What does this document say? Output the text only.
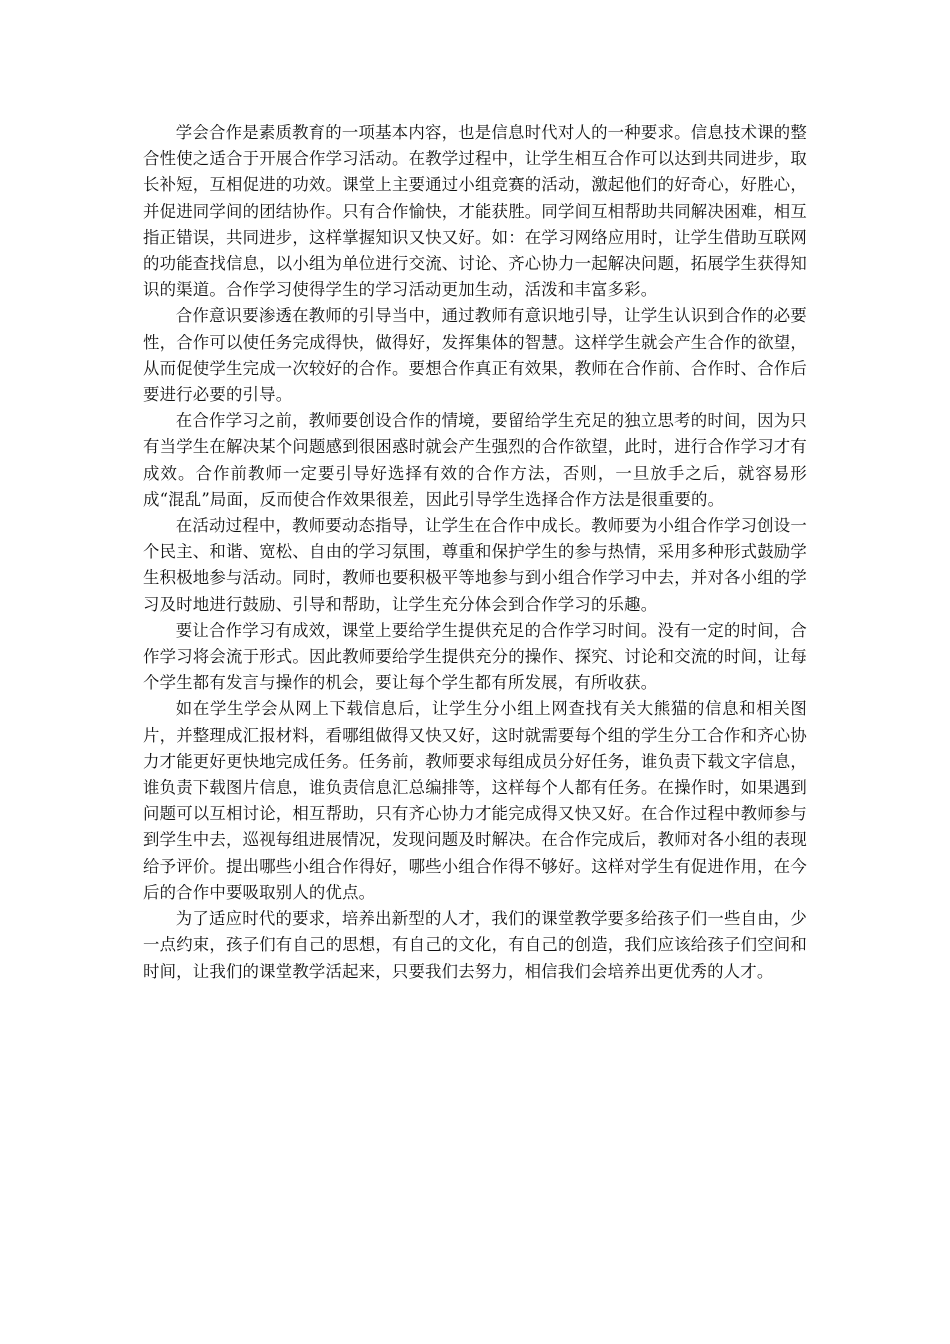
学会合作是素质教育的一项基本内容，也是信息时代对人的一种要求。信息技术课的整合性使之适合于开展合作学习活动。在教学过程中，让学生相互合作可以达到共同进步，取长补短，互相促进的功效。课堂上主要通过小组竞赛的活动，激起他们的好奇心，好胜心，并促进同学间的团结协作。只有合作愉快，才能获胜。同学间互相帮助共同解决困难，相互指正错误，共同进步，这样掌握知识又快又好。如：在学习网络应用时，让学生借助互联网的功能查找信息，以小组为单位进行交流、讨论、齐心协力一起解决问题，拓展学生获得知识的渠道。合作学习使得学生的学习活动更加生动，活泼和丰富多彩。

合作意识要渗透在教师的引导当中，通过教师有意识地引导，让学生认识到合作的必要性，合作可以使任务完成得快，做得好，发挥集体的智慧。这样学生就会产生合作的欲望，从而促使学生完成一次较好的合作。要想合作真正有效果，教师在合作前、合作时、合作后要进行必要的引导。

在合作学习之前，教师要创设合作的情境，要留给学生充足的独立思考的时间，因为只有当学生在解决某个问题感到很困惑时就会产生强烈的合作欲望，此时，进行合作学习才有成效。合作前教师一定要引导好选择有效的合作方法，否则，一旦放手之后，就容易形成“混乱”局面，反而使合作效果很差，因此引导学生选择合作方法是很重要的。

在活动过程中，教师要动态指导，让学生在合作中成长。教师要为小组合作学习创设一个民主、和谐、宽松、自由的学习氛围，尊重和保护学生的参与热情，采用多种形式鼓励学生积极地参与活动。同时，教师也要积极平等地参与到小组合作学习中去，并对各小组的学习及时地进行鼓励、引导和帮助，让学生充分体会到合作学习的乐趣。

要让合作学习有成效，课堂上要给学生提供充足的合作学习时间。没有一定的时间，合作学习将会流于形式。因此教师要给学生提供充分的操作、探究、讨论和交流的时间，让每个学生都有发言与操作的机会，要让每个学生都有所发展，有所收获。

如在学生学会从网上下载信息后，让学生分小组上网查找有关大熊猫的信息和相关图片，并整理成汇报材料，看哪组做得又快又好，这时就需要每个组的学生分工合作和齐心协力才能更好更快地完成任务。任务前，教师要求每组成员分好任务，谁负责下载文字信息，谁负责下载图片信息，谁负责信息汇总编排等，这样每个人都有任务。在操作时，如果遇到问题可以互相讨论，相互帮助，只有齐心协力才能完成得又快又好。在合作过程中教师参与到学生中去，巡视每组进展情况，发现问题及时解决。在合作完成后，教师对各小组的表现给予评价。提出哪些小组合作得好，哪些小组合作得不够好。这样对学生有促进作用，在今后的合作中要吸取别人的优点。

为了适应时代的要求，培养出新型的人才，我们的课堂教学要多给孩子们一些自由，少一点约束，孩子们有自己的思想，有自己的文化，有自己的创造，我们应该给孩子们空间和时间，让我们的课堂教学活起来，只要我们去努力，相信我们会培养出更优秀的人才。
